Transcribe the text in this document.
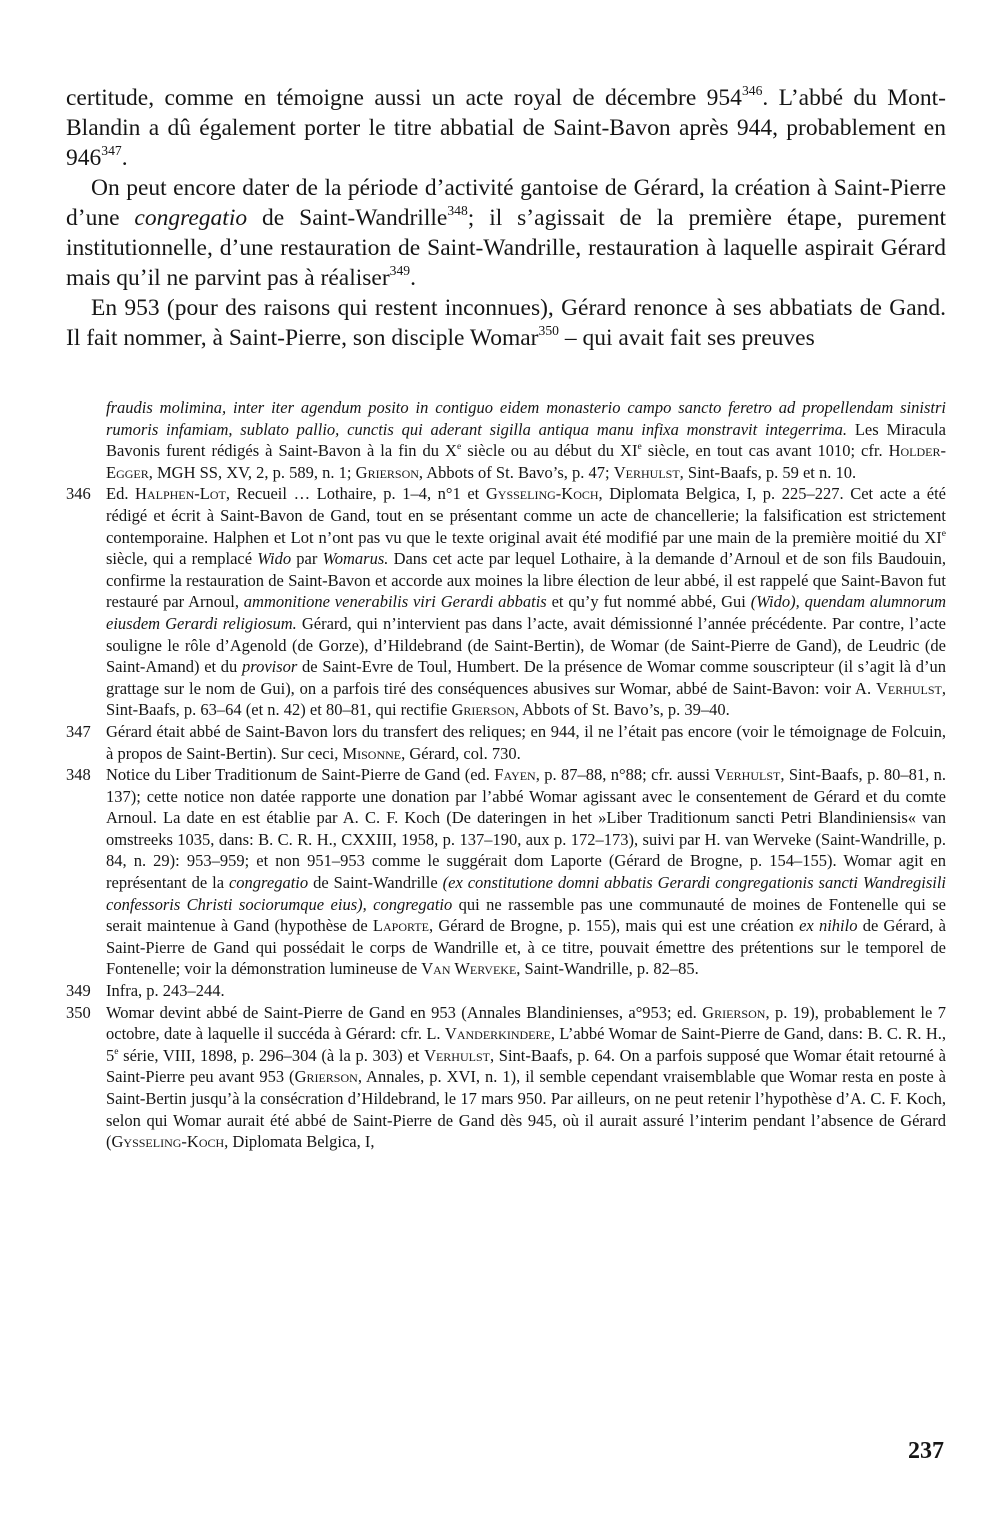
certitude, comme en témoigne aussi un acte royal de décembre $954^{346}$. L’abbé du Mont-Blandin a dû également porter le titre abbatial de Saint-Bavon après 944, probablement en $946^{347}$.

On peut encore dater de la période d’activité gantoise de Gérard, la création à Saint-Pierre d’une congregatio de Saint-Wandrille$^{348}$; il s’agissait de la première étape, purement institutionnelle, d’une restauration de Saint-Wandrille, restauration à laquelle aspirait Gérard mais qu’il ne parvint pas à réaliser$^{349}$.

En 953 (pour des raisons qui restent inconnues), Gérard renonce à ses abbatiats de Gand. Il fait nommer, à Saint-Pierre, son disciple Womar$^{350}$ – qui avait fait ses preuves

fraudis molimina, inter iter agendum posito in contiguo eidem monasterio campo sancto feretro ad propellendam sinistri rumoris infamiam, sublato pallio, cunctis qui aderant sigilla antiqua manu infixa monstravit integerrima. Les Miracula Bavonis furent rédigés à Saint-Bavon à la fin du Xe siècle ou au début du XIe siècle, en tout cas avant 1010; cfr. Holder-Egger, MGH SS, XV, 2, p. 589, n. 1; Grierson, Abbots of St. Bavo’s, p. 47; Verhulst, Sint-Baafs, p. 59 et n. 10.
346 Ed. Halphen-Lot, Recueil … Lothaire, p. 1–4, n°1 et Gysseling-Koch, Diplomata Belgica, I, p. 225–227. Cet acte a été rédigé et écrit à Saint-Bavon de Gand, tout en se présentant comme un acte de chancellerie; la falsification est strictement contemporaine. Halphen et Lot n’ont pas vu que le texte original avait été modifié par une main de la première moitié du XIe siècle, qui a remplacé Wido par Womarus. Dans cet acte par lequel Lothaire, à la demande d’Arnoul et de son fils Baudouin, confirme la restauration de Saint-Bavon et accorde aux moines la libre élection de leur abbé, il est rappelé que Saint-Bavon fut restauré par Arnoul, ammonitione venerabilis viri Gerardi abbatis et qu’y fut nommé abbé, Gui (Wido), quendam alumnorum eiusdem Gerardi religiosum. Gérard, qui n’intervient pas dans l’acte, avait démissionné l’année précédente. Par contre, l’acte souligne le rôle d’Agenold (de Gorze), d’Hildebrand (de Saint-Bertin), de Womar (de Saint-Pierre de Gand), de Leudric (de Saint-Amand) et du provisor de Saint-Evre de Toul, Humbert. De la présence de Womar comme souscripteur (il s’agit là d’un grattage sur le nom de Gui), on a parfois tiré des conséquences abusives sur Womar, abbé de Saint-Bavon: voir A. Verhulst, Sint-Baafs, p. 63–64 (et n. 42) et 80–81, qui rectifie Grierson, Abbots of St. Bavo’s, p. 39–40.
347 Gérard était abbé de Saint-Bavon lors du transfert des reliques; en 944, il ne l’était pas encore (voir le témoignage de Folcuin, à propos de Saint-Bertin). Sur ceci, Misonne, Gérard, col. 730.
348 Notice du Liber Traditionum de Saint-Pierre de Gand (ed. Fayen, p. 87–88, n°88; cfr. aussi Verhulst, Sint-Baafs, p. 80–81, n. 137); cette notice non datée rapporte une donation par l’abbé Womar agissant avec le consentement de Gérard et du comte Arnoul. La date en est établie par A. C. F. Koch (De dateringen in het »Liber Traditionum sancti Petri Blandiniensis« van omstreeks 1035, dans: B. C. R. H., CXXIII, 1958, p. 137–190, aux p. 172–173), suivi par H. van Werveke (Saint-Wandrille, p. 84, n. 29): 953–959; et non 951–953 comme le suggérait dom Laporte (Gérard de Brogne, p. 154–155). Womar agit en représentant de la congregatio de Saint-Wandrille (ex constitutione domni abbatis Gerardi congregationis sancti Wandregisili confessoris Christi sociorumque eius), congregatio qui ne rassemble pas une communauté de moines de Fontenelle qui se serait maintenue à Gand (hypothèse de Laporte, Gérard de Brogne, p. 155), mais qui est une création ex nihilo de Gérard, à Saint-Pierre de Gand qui possédait le corps de Wandrille et, à ce titre, pouvait émettre des prétentions sur le temporel de Fontenelle; voir la démonstration lumineuse de Van Werveke, Saint-Wandrille, p. 82–85.
349 Infra, p. 243–244.
350 Womar devint abbé de Saint-Pierre de Gand en 953 (Annales Blandinienses, a°953; ed. Grierson, p. 19), probablement le 7 octobre, date à laquelle il succéda à Gérard: cfr. L. Vanderkindere, L’abbé Womar de Saint-Pierre de Gand, dans: B. C. R. H., 5e série, VIII, 1898, p. 296–304 (à la p. 303) et Verhulst, Sint-Baafs, p. 64. On a parfois supposé que Womar était retourné à Saint-Pierre peu avant 953 (Grierson, Annales, p. XVI, n. 1), il semble cependant vraisemblable que Womar resta en poste à Saint-Bertin jusqu’à la consécration d’Hildebrand, le 17 mars 950. Par ailleurs, on ne peut retenir l’hypothèse d’A. C. F. Koch, selon qui Womar aurait été abbé de Saint-Pierre de Gand dès 945, où il aurait assuré l’interim pendant l’absence de Gérard (Gysseling-Koch, Diplomata Belgica, I,
237
